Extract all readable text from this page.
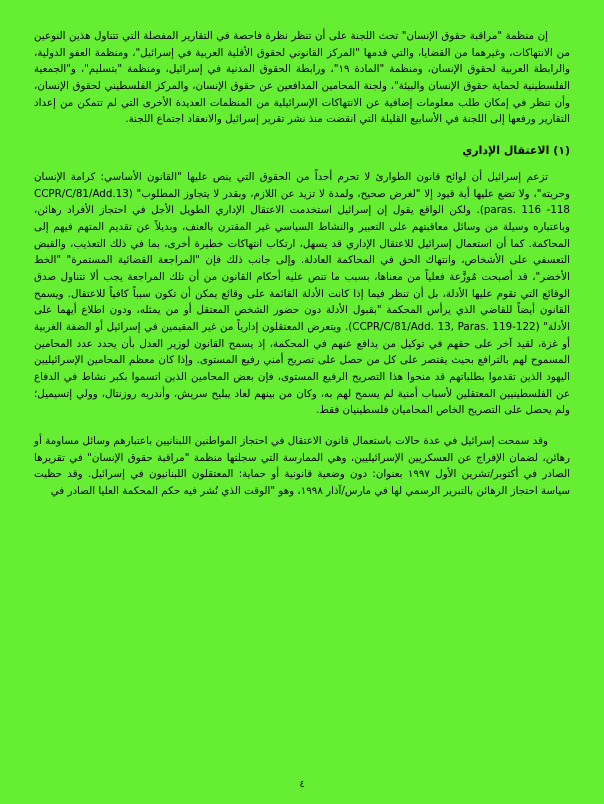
إن منظمة "مراقبة حقوق الإنسان" تحث اللجنة على أن تنظر نظرة فاحصة في التقارير المفصلة التي تتناول هذين النوعين من الانتهاكات، وغيرهما من القضايا، والتي قدمها "المركز القانوني لحقوق الأقلية العربية في إسرائيل"، ومنظمة العفو الدولية، والرابطة العربية لحقوق الإنسان، ومنظمة "المادة ١٩"، ورابطة الحقوق المدنية في إسرائيل، ومنظمة "بتسليم"، و"الجمعية الفلسطينية لحماية حقوق الإنسان والبيئة"، ولجنة المحامين المدافعين عن حقوق الإنسان، والمركز الفلسطيني لحقوق الإنسان، وأن تنظر في إمكان طلب معلومات إضافية عن الانتهاكات الإسرائيلية من المنظمات العديدة الأخرى التي لم تتمكن من إعداد التقارير ورفعها إلى اللجنة في الأسابيع القليلة التي انقضت منذ نشر تقرير إسرائيل والانعقاد اجتماع اللجنة.

(١) الاعتقال الإداري

تزعم إسرائيل أن لوائح قانون الطوارئ لا تحرم أحداً من الحقوق التي ينص عليها "القانون الأساسي: كرامة الإنسان وحريته"، ولا تضع عليها أية قيود إلا "لغرض صحيح، ولمدة لا تزيد عن اللازم، وبقدر لا يتجاوز المطلوب" (CCPR/C/81/Add.13 paras. 116 -118). ولكن الواقع يقول إن إسرائيل استخدمت الاعتقال الإداري الطويل الأجل في احتجاز الأفراد رهائن، وباعتباره وسيلة من وسائل معاقبتهم على التعبير والنشاط السياسي غير المقترن بالعنف، وبديلاً عن تقديم المتهم فيهم إلى المحاكمة. كما أن استعمال إسرائيل للاعتقال الإداري قد يسهل، ارتكاب انتهاكات خطيرة أخرى، بما في ذلك التعذيب، والقبض التعسفي على الأشخاص، وانتهاك الحق في المحاكمة العادلة. وإلى جانب ذلك فإن "المراجعة القضائية المستمرة" "الخط الأخضر"، قد أصبحت مُوزَّعة فعلياً من معناها، بسبب ما تنص عليه أحكام القانون من أن تلك المراجعة يجب ألا تتناول صدق الوقائع التي تقوم عليها الأدلة، بل أن تنظر فيما إذا كانت الأدلة القائمة على وقائع يمكن أن تكون سبباً كافياً للاعتقال. ويسمح القانون أيضاً للقاضي الذي يرأس المحكمة "بقبول الأدلة دون حضور الشخص المعتقل أو من يمثله، ودون اطلاع أيهما على الأدلة" (CCPR/C/81/Add. 13, Paras. 119-122). ويتعرض المعتقلون إدارياً من غير المقيمين في إسرائيل أو الضفة الغربية أو غزة، لقيد آخر على حقهم في توكيل من يدافع عنهم في المحكمة، إذ يسمح القانون لوزير العدل بأن يحدد عدد المحامين المسموح لهم بالترافع بحيث يقتصر على كل من حصل على تصريح أمني رفيع المستوى. وإذا كان معظم المحامين الإسرائيليين اليهود الذين تقدموا بطلباتهم قد منحوا هذا التصريح الرفيع المستوى، فإن بعض المحامين الذين اتسموا بكبر نشاط في الدفاع عن الفلسطينيين المعتقلين لأسباب أمنية لم يسمح لهم به، وكان من بينهم لعاد يبليح سريش، وأندريه روزنتال، وولي إتسيميل؛ ولم يحصل على التصريح الخاص المحاميان فلسطينيان فقط.

وقد سمحت إسرائيل في عدة حالات باستعمال قانون الاعتقال في احتجاز المواطنين اللبنانيين باعتبارهم وسائل مساومة أو رهائن، لضمان الإفراج عن العسكريين الإسرائيليين، وهي الممارسة التي سجلتها منظمة "مراقبة حقوق الإنسان" في تقريرها الصادر في أكتوبر/تشرين الأول ١٩٩٧ بعنوان: دون وضعية قانونية أو حماية: المعتقلون اللبنانيون في إسرائيل. وقد حظيت سياسة احتجاز الرهائن بالتبرير الرسمي لها في مارس/آذار ١٩٩٨، وهو "الوقت الذي نُشر فيه حكم المحكمة العليا الصادر في

٤
